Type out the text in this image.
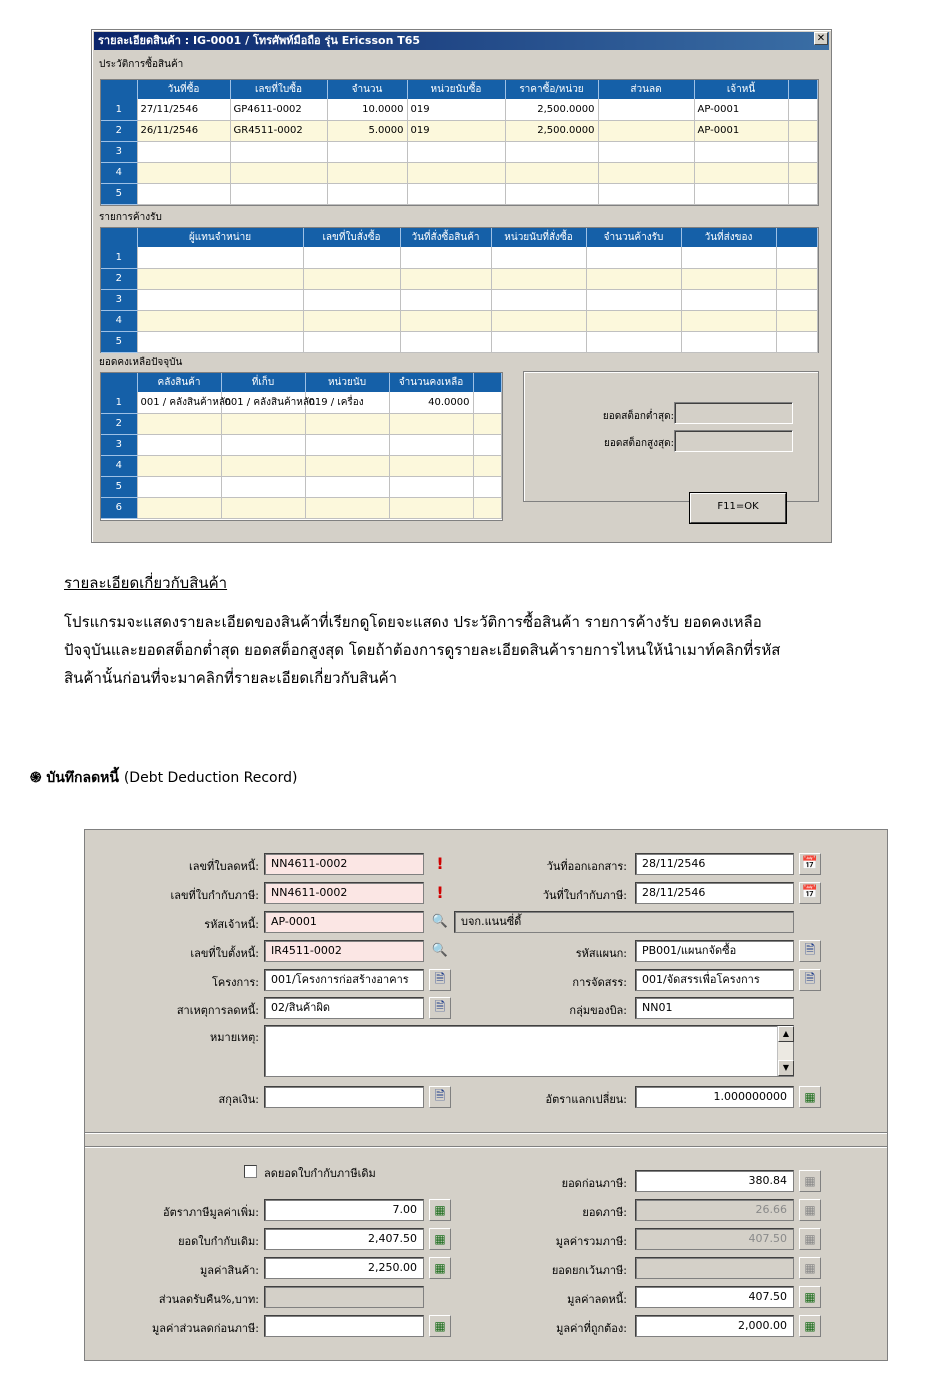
รายละเอียดสินค้า : IG-0001 / โทรศัพท์มือถือ รุ่น Ericsson T65	✕
ประวัติการซื้อสินค้า
	วันที่ซื้อ	เลขที่ใบซื้อ	จำนวน	หน่วยนับซื้อ	ราคาซื้อ/หน่วย	ส่วนลด	เจ้าหนี้	
1	27/11/2546	GP4611-0002	10.0000	019	2,500.0000		AP-0001	
2	26/11/2546	GR4511-0002	5.0000	019	2,500.0000		AP-0001	
3								
4								
5								
รายการค้างรับ
	ผู้แทนจำหน่าย	เลขที่ใบสั่งซื้อ	วันที่สั่งซื้อสินค้า	หน่วยนับที่สั่งซื้อ	จำนวนค้างรับ	วันที่ส่งของ	
1							
2							
3							
4							
5							
ยอดคงเหลือปัจจุบัน
	คลังสินค้า	ที่เก็บ	หน่วยนับ	จำนวนคงเหลือ	
1	001 / คลังสินค้าหลัก	001 / คลังสินค้าหลัก	019 / เครื่อง	40.0000	
2					
3					
4					
5					
6					
ยอดสต็อกต่ำสุด:
ยอดสต็อกสูงสุด:
F11=OK
รายละเอียดเกี่ยวกับสินค้า
โปรแกรมจะแสดงรายละเอียดของสินค้าที่เรียกดูโดยจะแสดง ประวัติการซื้อสินค้า รายการค้างรับ ยอดคงเหลือ
ปัจจุบันและยอดสต็อกต่ำสุด ยอดสต็อกสูงสุด โดยถ้าต้องการดูรายละเอียดสินค้ารายการไหนให้นำเมาท์คลิกที่รหัส
สินค้านั้นก่อนที่จะมาคลิกที่รายละเอียดเกี่ยวกับสินค้า
֍ บันทึกลดหนี้ (Debt Deduction Record)
เลขที่ใบลดหนี้:	NN4611-0002	!
เลขที่ใบกำกับภาษี:	NN4611-0002	!
รหัสเจ้าหนี้:	AP-0001	🔍	บจก.แนนซี่ดี้
เลขที่ใบตั้งหนี้:	IR4511-0002	🔍
โครงการ:	001/โครงการก่อสร้างอาคาร	🗎
สาเหตุการลดหนี้:	02/สินค้าผิด	🗎
หมายเหตุ:	▲
▼
สกุลเงิน:	🗎
วันที่ออกเอกสาร:	28/11/2546	📅
วันที่ใบกำกับภาษี:	28/11/2546	📅
รหัสแผนก:	PB001/แผนกจัดซื้อ	🗎
การจัดสรร:	001/จัดสรรเพื่อโครงการ	🗎
กลุ่มของบิล:	NN01
อัตราแลกเปลี่ยน:	1.000000000	▦
ลดยอดใบกำกับภาษีเดิม
อัตราภาษีมูลค่าเพิ่ม:	7.00	▦
ยอดใบกำกับเดิม:	2,407.50	▦
มูลค่าสินค้า:	2,250.00	▦
ส่วนลดรับคืน%,บาท:
มูลค่าส่วนลดก่อนภาษี:	▦
ยอดก่อนภาษี:	380.84	▦
ยอดภาษี:	26.66	▦
มูลค่ารวมภาษี:	407.50	▦
ยอดยกเว้นภาษี:	▦
มูลค่าลดหนี้:	407.50	▦
มูลค่าที่ถูกต้อง:	2,000.00	▦
